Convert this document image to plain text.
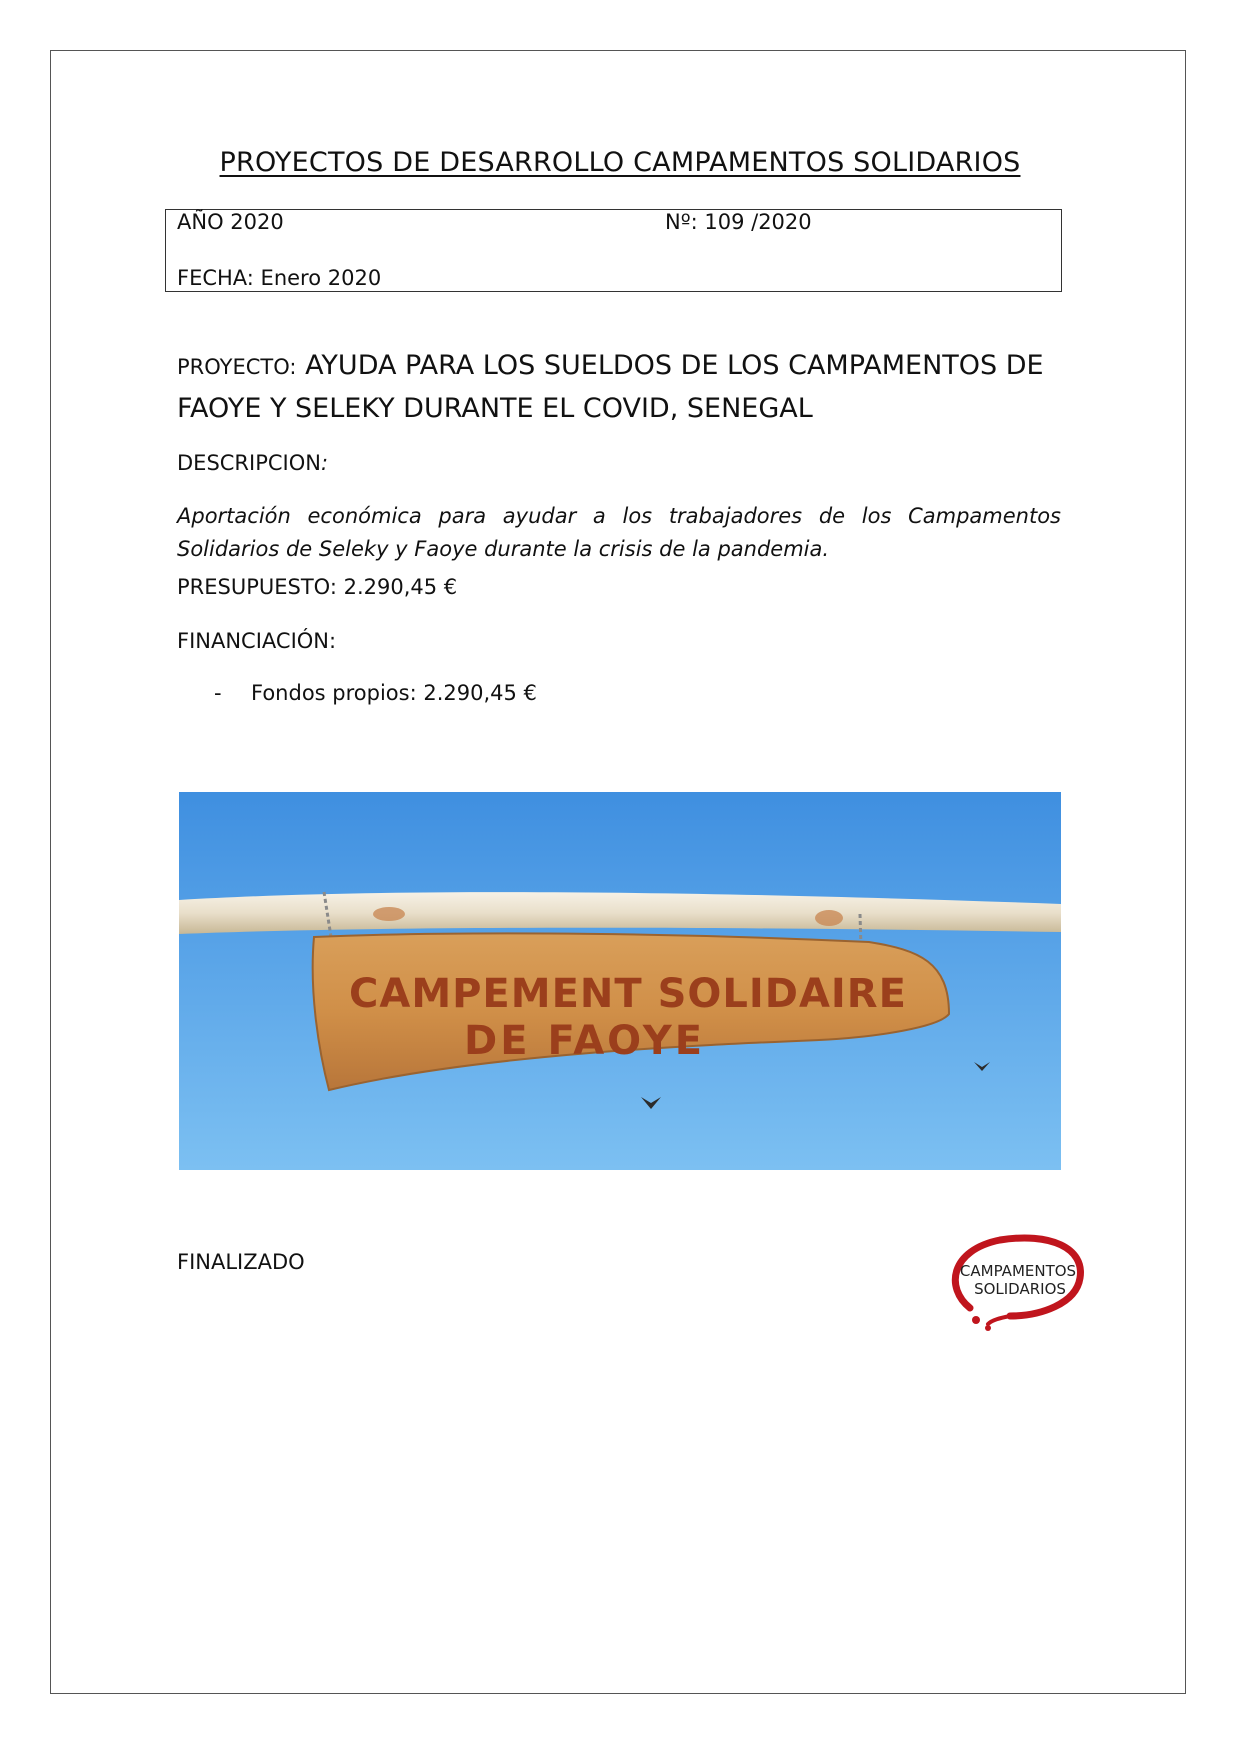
PROYECTOS DE DESARROLLO CAMPAMENTOS SOLIDARIOS
AÑO 2020	Nº: 109 /2020
FECHA: Enero 2020
PROYECTO: AYUDA PARA LOS SUELDOS DE LOS CAMPAMENTOS DE FAOYE Y SELEKY DURANTE EL COVID, SENEGAL
DESCRIPCION:
Aportación económica para ayudar a los trabajadores de los Campamentos Solidarios de Seleky y Faoye durante la crisis de la pandemia.
PRESUPUESTO: 2.290,45 €
FINANCIACIÓN:
- Fondos propios: 2.290,45 €
CAMPEMENT SOLIDAIRE
DE FAOYE
FINALIZADO	CAMPAMENTOS
SOLIDARIOS
